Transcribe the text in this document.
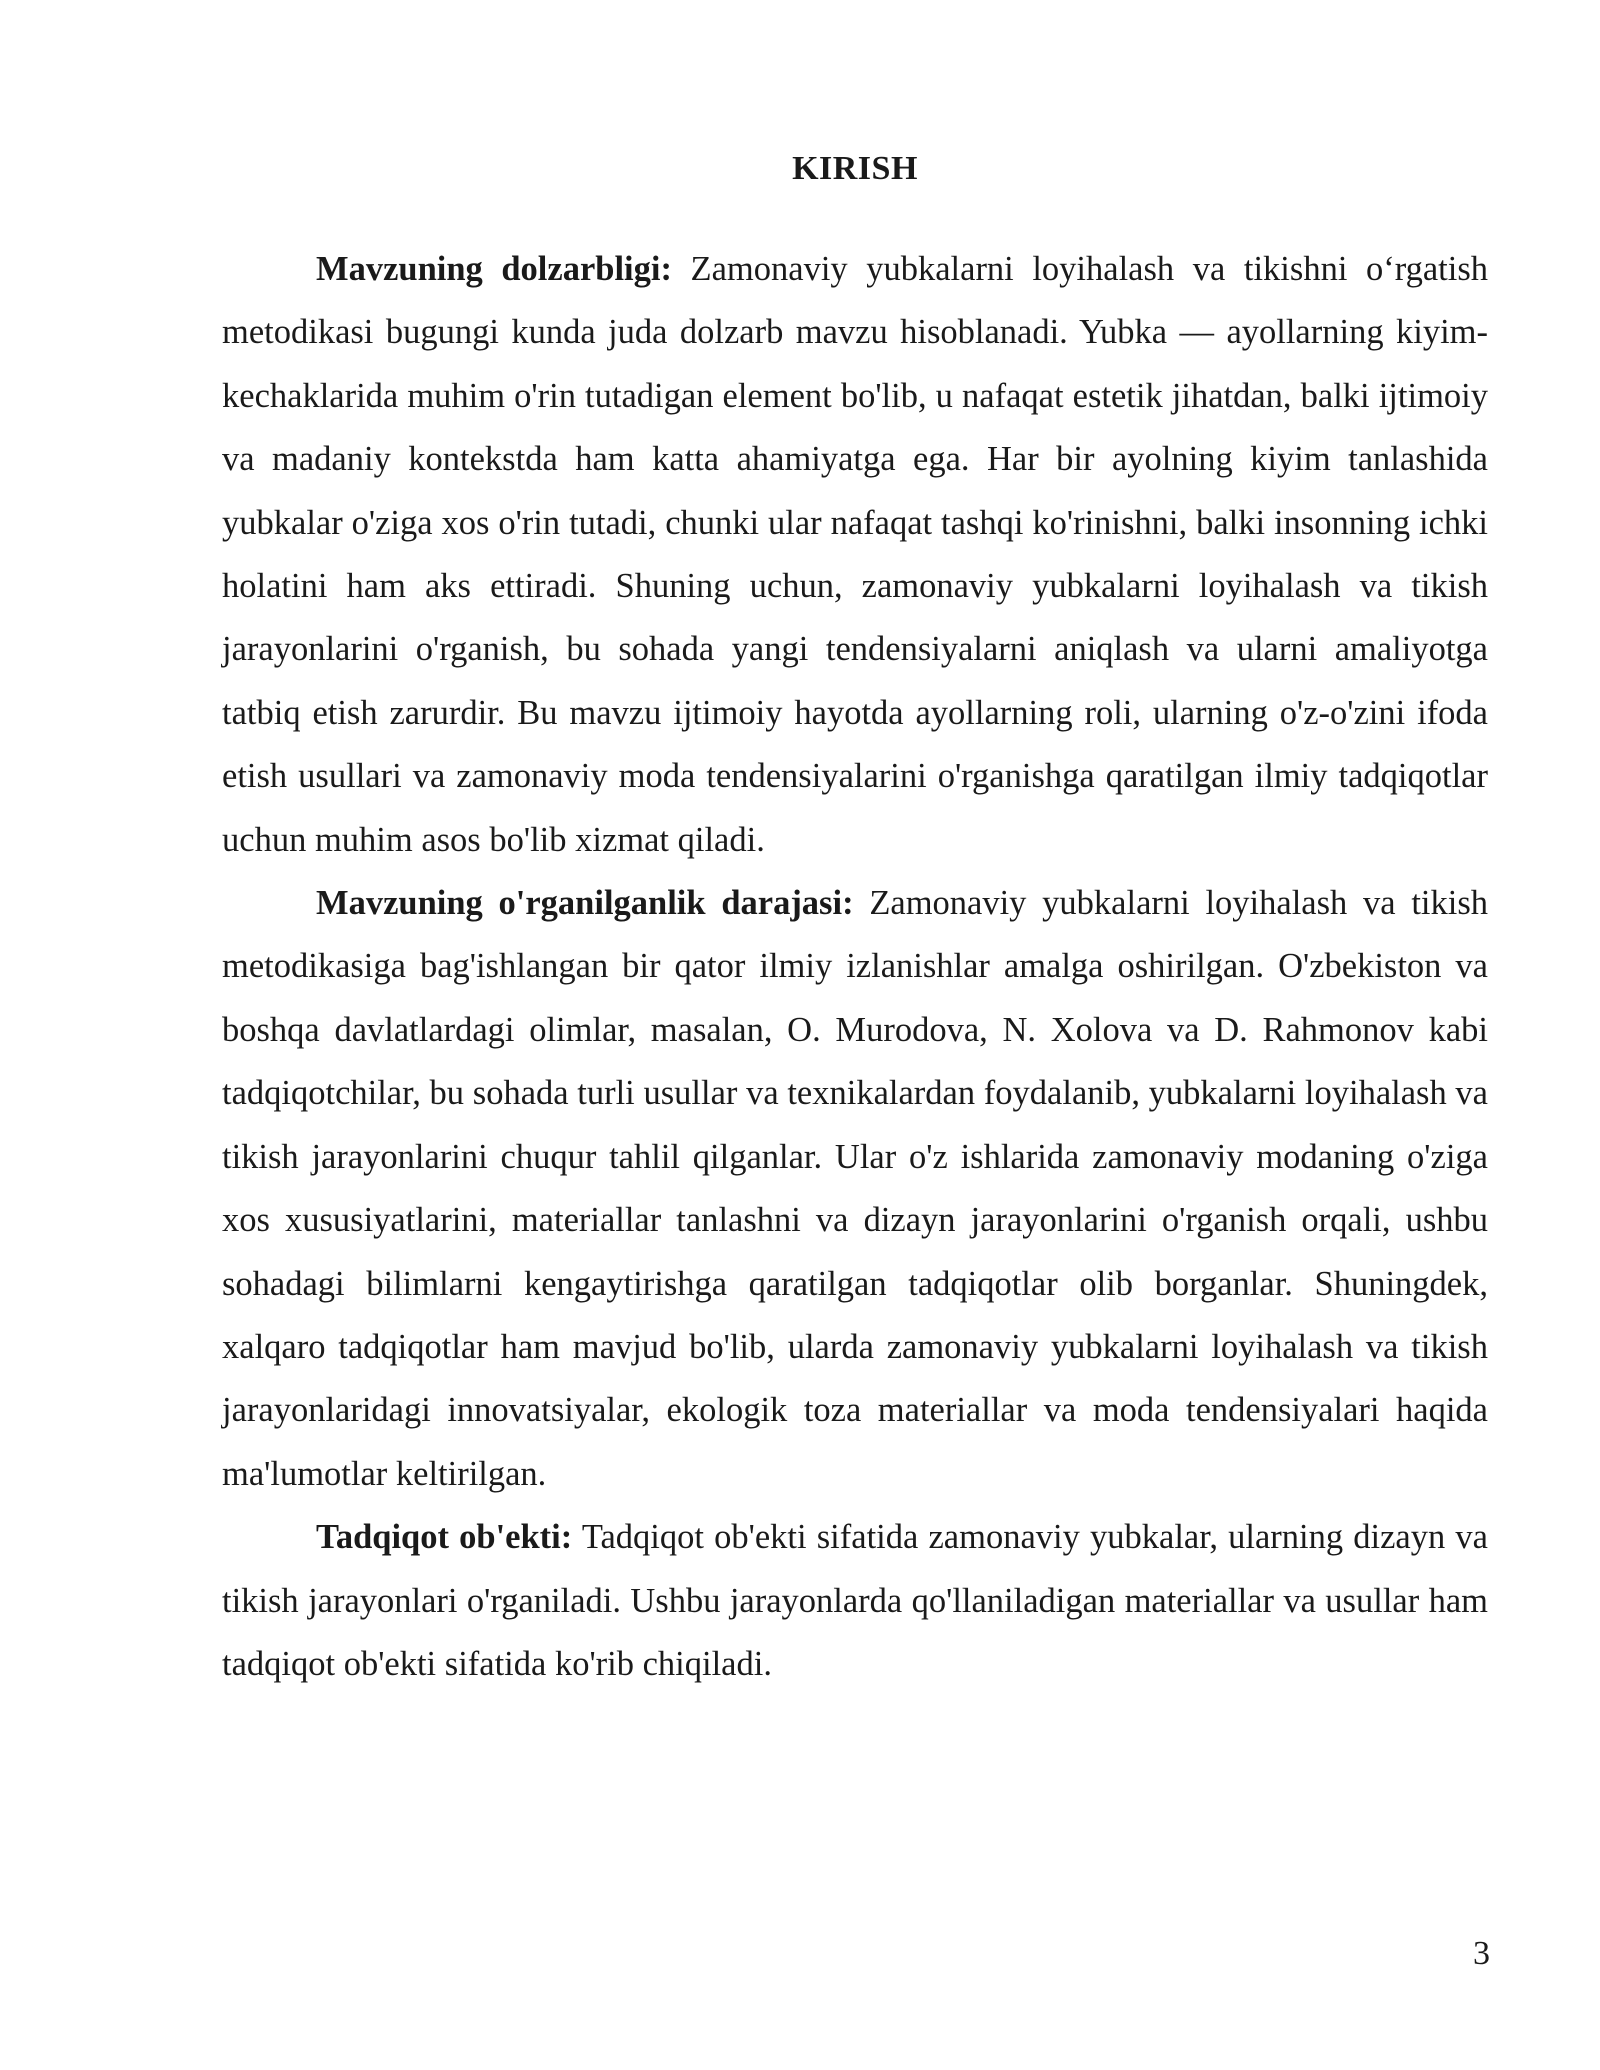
KIRISH

Mavzuning dolzarbligi: Zamonaviy yubkalarni loyihalash va tikishni o‘rgatish metodikasi bugungi kunda juda dolzarb mavzu hisoblanadi. Yubka — ayollarning kiyim-kechaklarida muhim o'rin tutadigan element bo'lib, u nafaqat estetik jihatdan, balki ijtimoiy va madaniy kontekstda ham katta ahamiyatga ega. Har bir ayolning kiyim tanlashida yubkalar o'ziga xos o'rin tutadi, chunki ular nafaqat tashqi ko'rinishni, balki insonning ichki holatini ham aks ettiradi. Shuning uchun, zamonaviy yubkalarni loyihalash va tikish jarayonlarini o'rganish, bu sohada yangi tendensiyalarni aniqlash va ularni amaliyotga tatbiq etish zarurdir. Bu mavzu ijtimoiy hayotda ayollarning roli, ularning o'z-o'zini ifoda etish usullari va zamonaviy moda tendensiyalarini o'rganishga qaratilgan ilmiy tadqiqotlar uchun muhim asos bo'lib xizmat qiladi.

Mavzuning o'rganilganlik darajasi: Zamonaviy yubkalarni loyihalash va tikish metodikasiga bag'ishlangan bir qator ilmiy izlanishlar amalga oshirilgan. O'zbekiston va boshqa davlatlardagi olimlar, masalan, O. Murodova, N. Xolova va D. Rahmonov kabi tadqiqotchilar, bu sohada turli usullar va texnikalardan foydalanib, yubkalarni loyihalash va tikish jarayonlarini chuqur tahlil qilganlar. Ular o'z ishlarida zamonaviy modaning o'ziga xos xususiyatlarini, materiallar tanlashni va dizayn jarayonlarini o'rganish orqali, ushbu sohadagi bilimlarni kengaytirishga qaratilgan tadqiqotlar olib borganlar. Shuningdek, xalqaro tadqiqotlar ham mavjud bo'lib, ularda zamonaviy yubkalarni loyihalash va tikish jarayonlaridagi innovatsiyalar, ekologik toza materiallar va moda tendensiyalari haqida ma'lumotlar keltirilgan.

Tadqiqot ob'ekti: Tadqiqot ob'ekti sifatida zamonaviy yubkalar, ularning dizayn va tikish jarayonlari o'rganiladi. Ushbu jarayonlarda qo'llaniladigan materiallar va usullar ham tadqiqot ob'ekti sifatida ko'rib chiqiladi.

3
